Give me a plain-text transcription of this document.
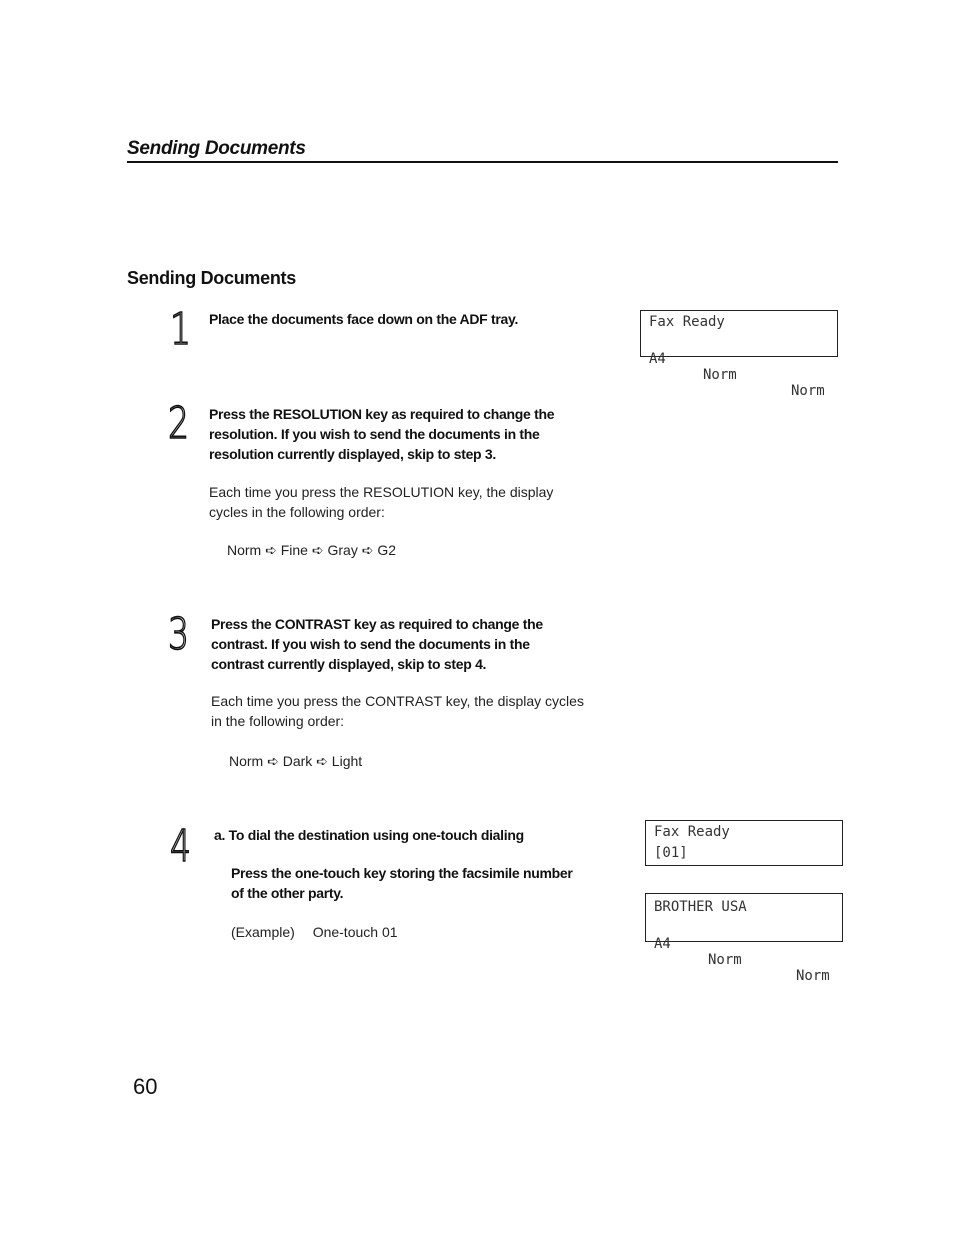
Sending Documents
Sending Documents
1 Place the documents face down on the ADF tray.	Fax Ready

A4

Norm

Norm

2 Press the RESOLUTION key as required to change the
resolution. If you wish to send the documents in the
resolution currently displayed, skip to step 3.
Each time you press the RESOLUTION key, the display
cycles in the following order:
Norm ➪ Fine ➪ Gray ➪ G2
3 Press the CONTRAST key as required to change the
contrast. If you wish to send the documents in the
contrast currently displayed, skip to step 4.
Each time you press the CONTRAST key, the display cycles
in the following order:
Norm ➪ Dark ➪ Light
4 a. To dial the destination using one-touch dialing
Press the one-touch key storing the facsimile number
of the other party.
(Example) One-touch 01
Fax Ready
[01]
BROTHER USA

A4

Norm

Norm

60
